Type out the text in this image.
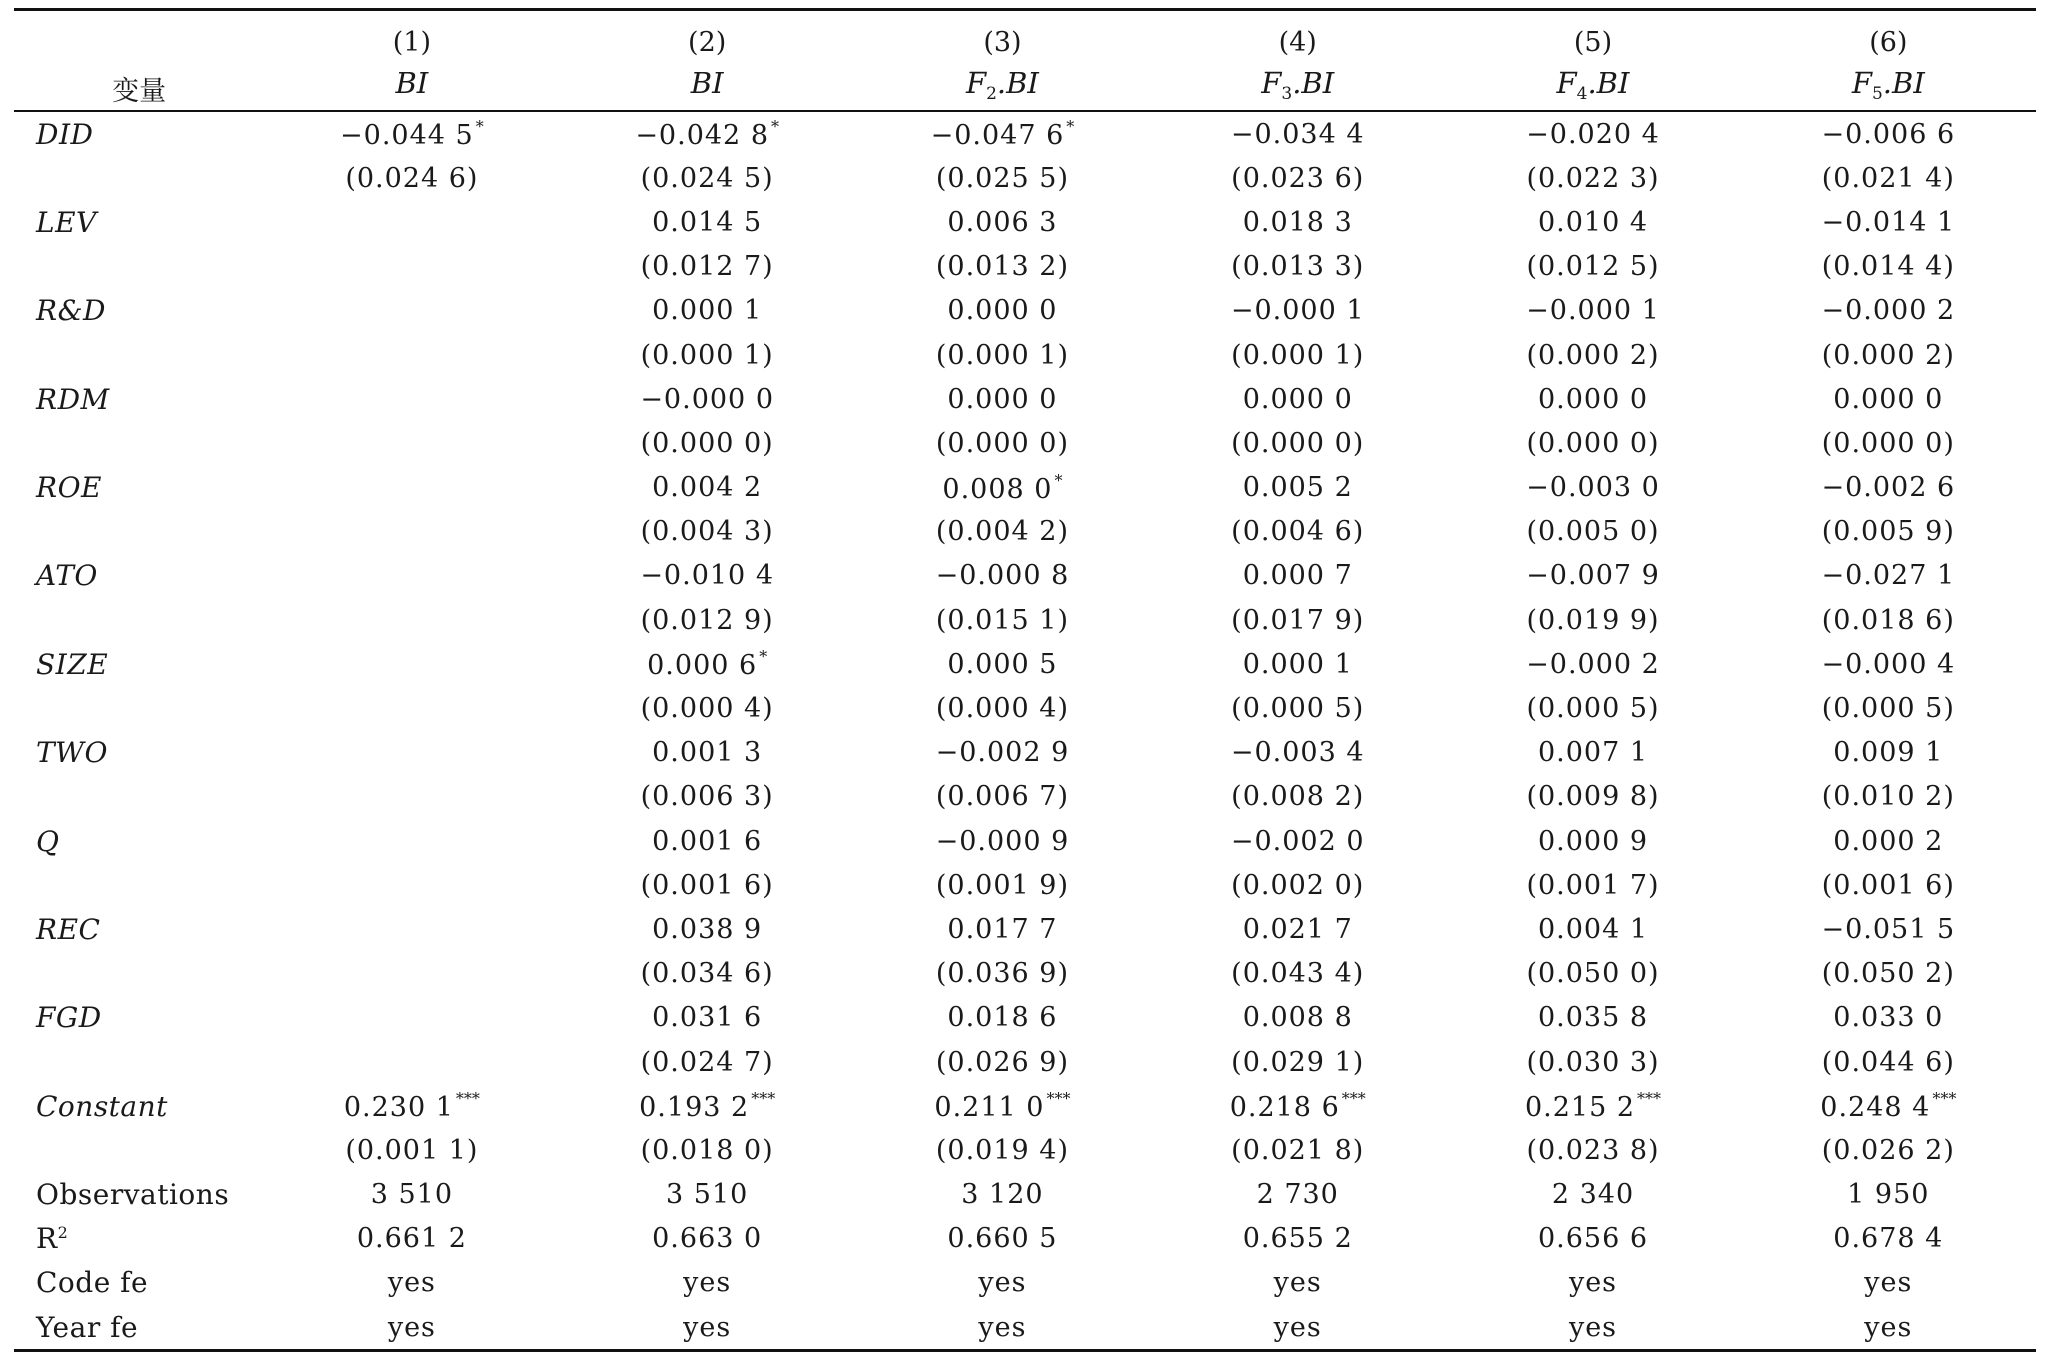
变量	(1)	(2)	(3)	(4)	(5)	(6)
	BI	BI	$F_2.BI$	$F_3.BI$	$F_4.BI$	$F_5.BI$
DID	−0.044 5 *	−0.042 8 *	−0.047 6 *	−0.034 4	−0.020 4	−0.006 6
	(0.024 6)	(0.024 5)	(0.025 5)	(0.023 6)	(0.022 3)	(0.021 4)
LEV		0.014 5	0.006 3	0.018 3	0.010 4	−0.014 1
		(0.012 7)	(0.013 2)	(0.013 3)	(0.012 5)	(0.014 4)
R&D		0.000 1	0.000 0	−0.000 1	−0.000 1	−0.000 2
		(0.000 1)	(0.000 1)	(0.000 1)	(0.000 2)	(0.000 2)
RDM		−0.000 0	0.000 0	0.000 0	0.000 0	0.000 0
		(0.000 0)	(0.000 0)	(0.000 0)	(0.000 0)	(0.000 0)
ROE		0.004 2	0.008 0 *	0.005 2	−0.003 0	−0.002 6
		(0.004 3)	(0.004 2)	(0.004 6)	(0.005 0)	(0.005 9)
ATO		−0.010 4	−0.000 8	0.000 7	−0.007 9	−0.027 1
		(0.012 9)	(0.015 1)	(0.017 9)	(0.019 9)	(0.018 6)
SIZE		0.000 6 *	0.000 5	0.000 1	−0.000 2	−0.000 4
		(0.000 4)	(0.000 4)	(0.000 5)	(0.000 5)	(0.000 5)
TWO		0.001 3	−0.002 9	−0.003 4	0.007 1	0.009 1
		(0.006 3)	(0.006 7)	(0.008 2)	(0.009 8)	(0.010 2)
Q		0.001 6	−0.000 9	−0.002 0	0.000 9	0.000 2
		(0.001 6)	(0.001 9)	(0.002 0)	(0.001 7)	(0.001 6)
REC		0.038 9	0.017 7	0.021 7	0.004 1	−0.051 5
		(0.034 6)	(0.036 9)	(0.043 4)	(0.050 0)	(0.050 2)
FGD		0.031 6	0.018 6	0.008 8	0.035 8	0.033 0
		(0.024 7)	(0.026 9)	(0.029 1)	(0.030 3)	(0.044 6)
Constant	0.230 1 ***	0.193 2 ***	0.211 0 ***	0.218 6 ***	0.215 2 ***	0.248 4 ***
	(0.001 1)	(0.018 0)	(0.019 4)	(0.021 8)	(0.023 8)	(0.026 2)
Observations	3 510	3 510	3 120	2 730	2 340	1 950
$R^2$	0.661 2	0.663 0	0.660 5	0.655 2	0.656 6	0.678 4
Code fe	yes	yes	yes	yes	yes	yes
Year fe	yes	yes	yes	yes	yes	yes
